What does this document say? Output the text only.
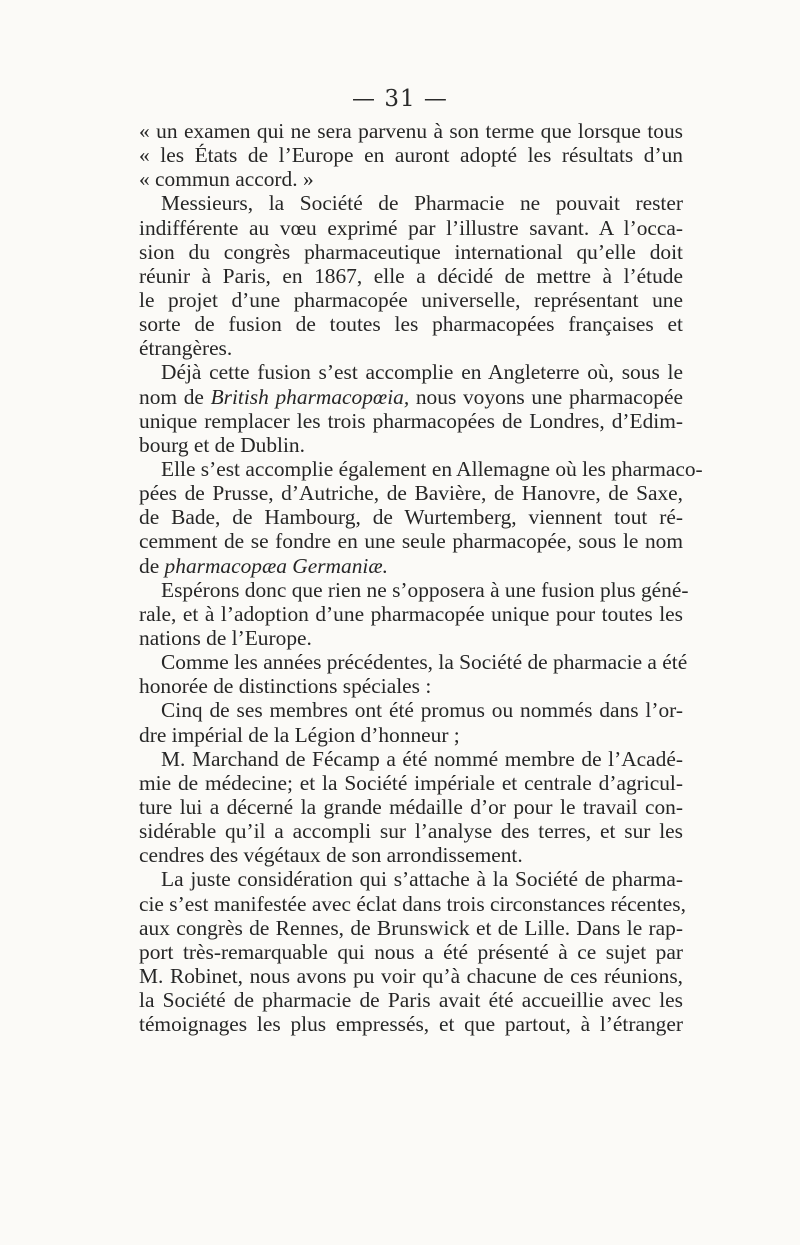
— 31 —
« un examen qui ne sera parvenu à son terme que lorsque tous
« les États de l’Europe en auront adopté les résultats d’un
« commun accord. »
Messieurs, la Société de Pharmacie ne pouvait rester
indifférente au vœu exprimé par l’illustre savant. A l’occa-
sion du congrès pharmaceutique international qu’elle doit
réunir à Paris, en 1867, elle a décidé de mettre à l’étude
le projet d’une pharmacopée universelle, représentant une
sorte de fusion de toutes les pharmacopées françaises et
étrangères.
Déjà cette fusion s’est accomplie en Angleterre où, sous le
nom de British pharmacopœia, nous voyons une pharmacopée
unique remplacer les trois pharmacopées de Londres, d’Edim-
bourg et de Dublin.
Elle s’est accomplie également en Allemagne où les pharmaco-
pées de Prusse, d’Autriche, de Bavière, de Hanovre, de Saxe,
de Bade, de Hambourg, de Wurtemberg, viennent tout ré-
cemment de se fondre en une seule pharmacopée, sous le nom
de pharmacopæa Germaniæ.
Espérons donc que rien ne s’opposera à une fusion plus géné-
rale, et à l’adoption d’une pharmacopée unique pour toutes les
nations de l’Europe.
Comme les années précédentes, la Société de pharmacie a été
honorée de distinctions spéciales :
Cinq de ses membres ont été promus ou nommés dans l’or-
dre impérial de la Légion d’honneur ;
M. Marchand de Fécamp a été nommé membre de l’Acadé-
mie de médecine; et la Société impériale et centrale d’agricul-
ture lui a décerné la grande médaille d’or pour le travail con-
sidérable qu’il a accompli sur l’analyse des terres, et sur les
cendres des végétaux de son arrondissement.
La juste considération qui s’attache à la Société de pharma-
cie s’est manifestée avec éclat dans trois circonstances récentes,
aux congrès de Rennes, de Brunswick et de Lille. Dans le rap-
port très-remarquable qui nous a été présenté à ce sujet par
M. Robinet, nous avons pu voir qu’à chacune de ces réunions,
la Société de pharmacie de Paris avait été accueillie avec les
témoignages les plus empressés, et que partout, à l’étranger
